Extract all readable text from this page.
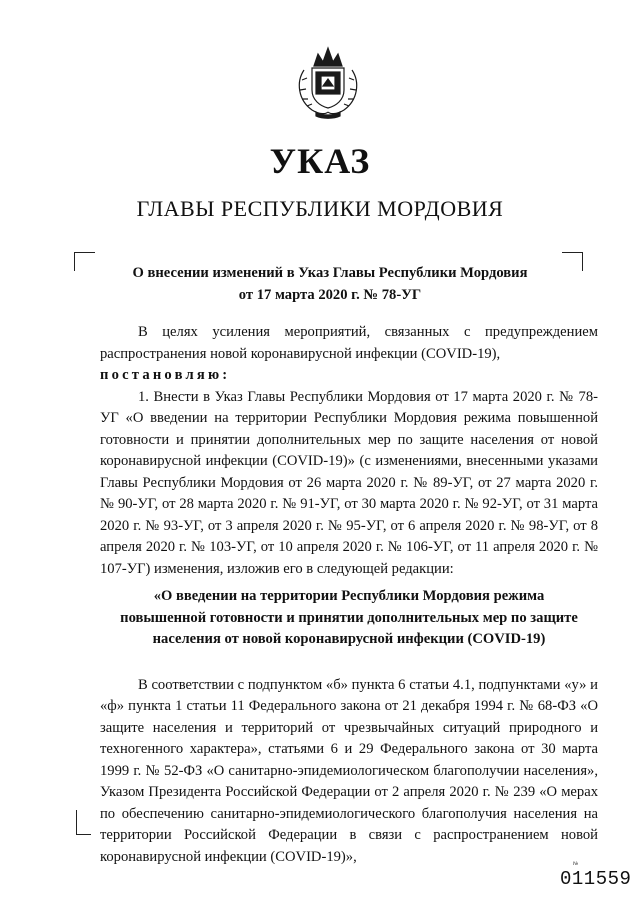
УКАЗ
ГЛАВЫ РЕСПУБЛИКИ МОРДОВИЯ
О внесении изменений в Указ Главы Республики Мордовия
от 17 марта 2020 г. № 78-УГ

В целях усиления мероприятий, связанных с предупреждением распространения новой коронавирусной инфекции (COVID-19),

постановляю:

1. Внести в Указ Главы Республики Мордовия от 17 марта 2020 г. № 78-УГ «О введении на территории Республики Мордовия режима повышенной готовности и принятии дополнительных мер по защите населения от новой коронавирусной инфекции (COVID-19)» (с изменениями, внесенными указами Главы Республики Мордовия от 26 марта 2020 г. № 89-УГ, от 27 марта 2020 г. № 90-УГ, от 28 марта 2020 г. № 91-УГ, от 30 марта 2020 г. № 92-УГ, от 31 марта 2020 г. № 93-УГ, от 3 апреля 2020 г. № 95-УГ, от 6 апреля 2020 г. № 98-УГ, от 8 апреля 2020 г. № 103-УГ, от 10 апреля 2020 г. № 106-УГ, от 11 апреля 2020 г. № 107-УГ) изменения, изложив его в следующей редакции:

«О введении на территории Республики Мордовия режима

повышенной готовности и принятии дополнительных мер по защите

населения от новой коронавирусной инфекции (COVID-19)

В соответствии с подпунктом «б» пункта 6 статьи 4.1, подпунктами «у» и «ф» пункта 1 статьи 11 Федерального закона от 21 декабря 1994 г. № 68-ФЗ «О защите населения и территорий от чрезвычайных ситуаций природного и техногенного характера», статьями 6 и 29 Федерального закона от 30 марта 1999 г. № 52-ФЗ «О санитарно-эпидемиологическом благополучии населения», Указом Президента Российской Федерации от 2 апреля 2020 г. № 239 «О мерах по обеспечению санитарно-эпидемиологического благополучия населения на территории Российской Федерации в связи с распространением новой коронавирусной инфекции (COVID-19)»,	№
011559
